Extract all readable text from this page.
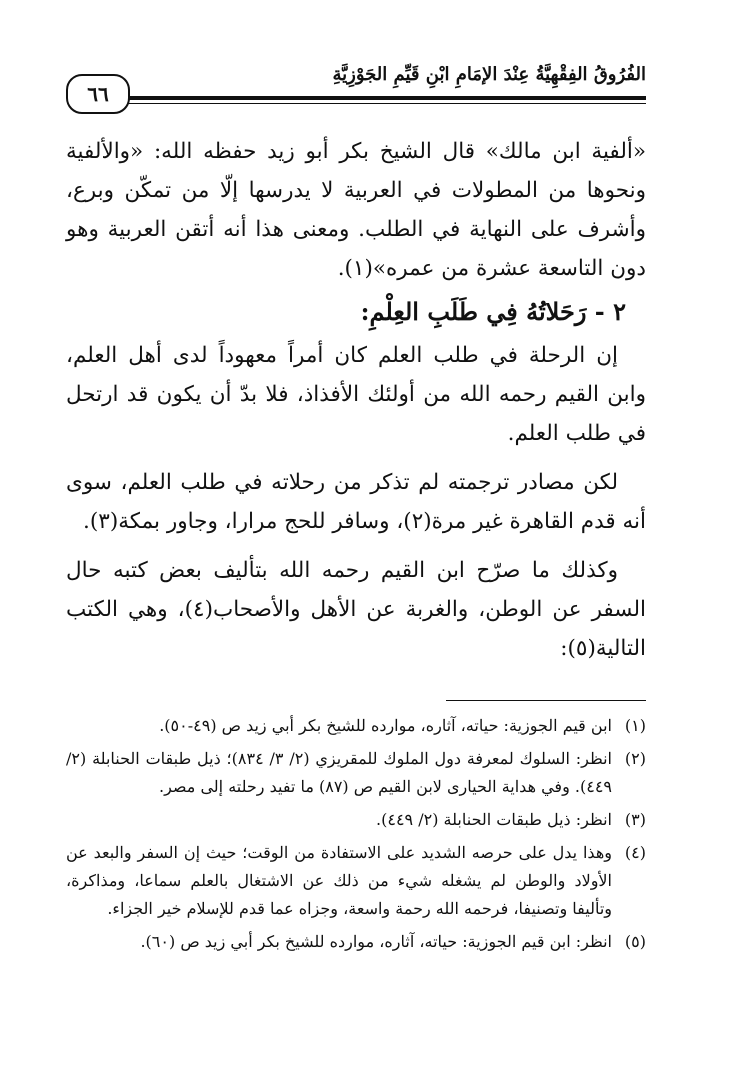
٦٦
الفُرُوقُ الفِقْهِيَّةُ عِنْدَ الإمَامِ ابْنِ قَيِّمِ الجَوْزِيَّةِ

«ألفية ابن مالك» قال الشيخ بكر أبو زيد حفظه الله: «والألفية ونحوها من المطولات في العربية لا يدرسها إلّا من تمكّن وبرع، وأشرف على النهاية في الطلب. ومعنى هذا أنه أتقن العربية وهو دون التاسعة عشرة من عمره»(١).

٢ - رَحَلاتُهُ فِي طَلَبِ العِلْمِ:

إن الرحلة في طلب العلم كان أمراً معهوداً لدى أهل العلم، وابن القيم رحمه الله من أولئك الأفذاذ، فلا بدّ أن يكون قد ارتحل في طلب العلم.

لكن مصادر ترجمته لم تذكر من رحلاته في طلب العلم، سوى أنه قدم القاهرة غير مرة(٢)، وسافر للحج مرارا، وجاور بمكة(٣).

وكذلك ما صرّح ابن القيم رحمه الله بتأليف بعض كتبه حال السفر عن الوطن، والغربة عن الأهل والأصحاب(٤)، وهي الكتب التالية(٥):

(١)
ابن قيم الجوزية: حياته، آثاره، موارده للشيخ بكر أبي زيد ص (٤٩-٥٠).
(٢)
انظر: السلوك لمعرفة دول الملوك للمقريزي (٢/ ٣/ ٨٣٤)؛ ذيل طبقات الحنابلة (٢/ ٤٤٩). وفي هداية الحيارى لابن القيم ص (٨٧) ما تفيد رحلته إلى مصر.
(٣)
انظر: ذيل طبقات الحنابلة (٢/ ٤٤٩).
(٤)
وهذا يدل على حرصه الشديد على الاستفادة من الوقت؛ حيث إن السفر والبعد عن الأولاد والوطن لم يشغله شيء من ذلك عن الاشتغال بالعلم سماعا، ومذاكرة، وتأليفا وتصنيفا، فرحمه الله رحمة واسعة، وجزاه عما قدم للإسلام خير الجزاء.
(٥)
انظر: ابن قيم الجوزية: حياته، آثاره، موارده للشيخ بكر أبي زيد ص (٦٠).
